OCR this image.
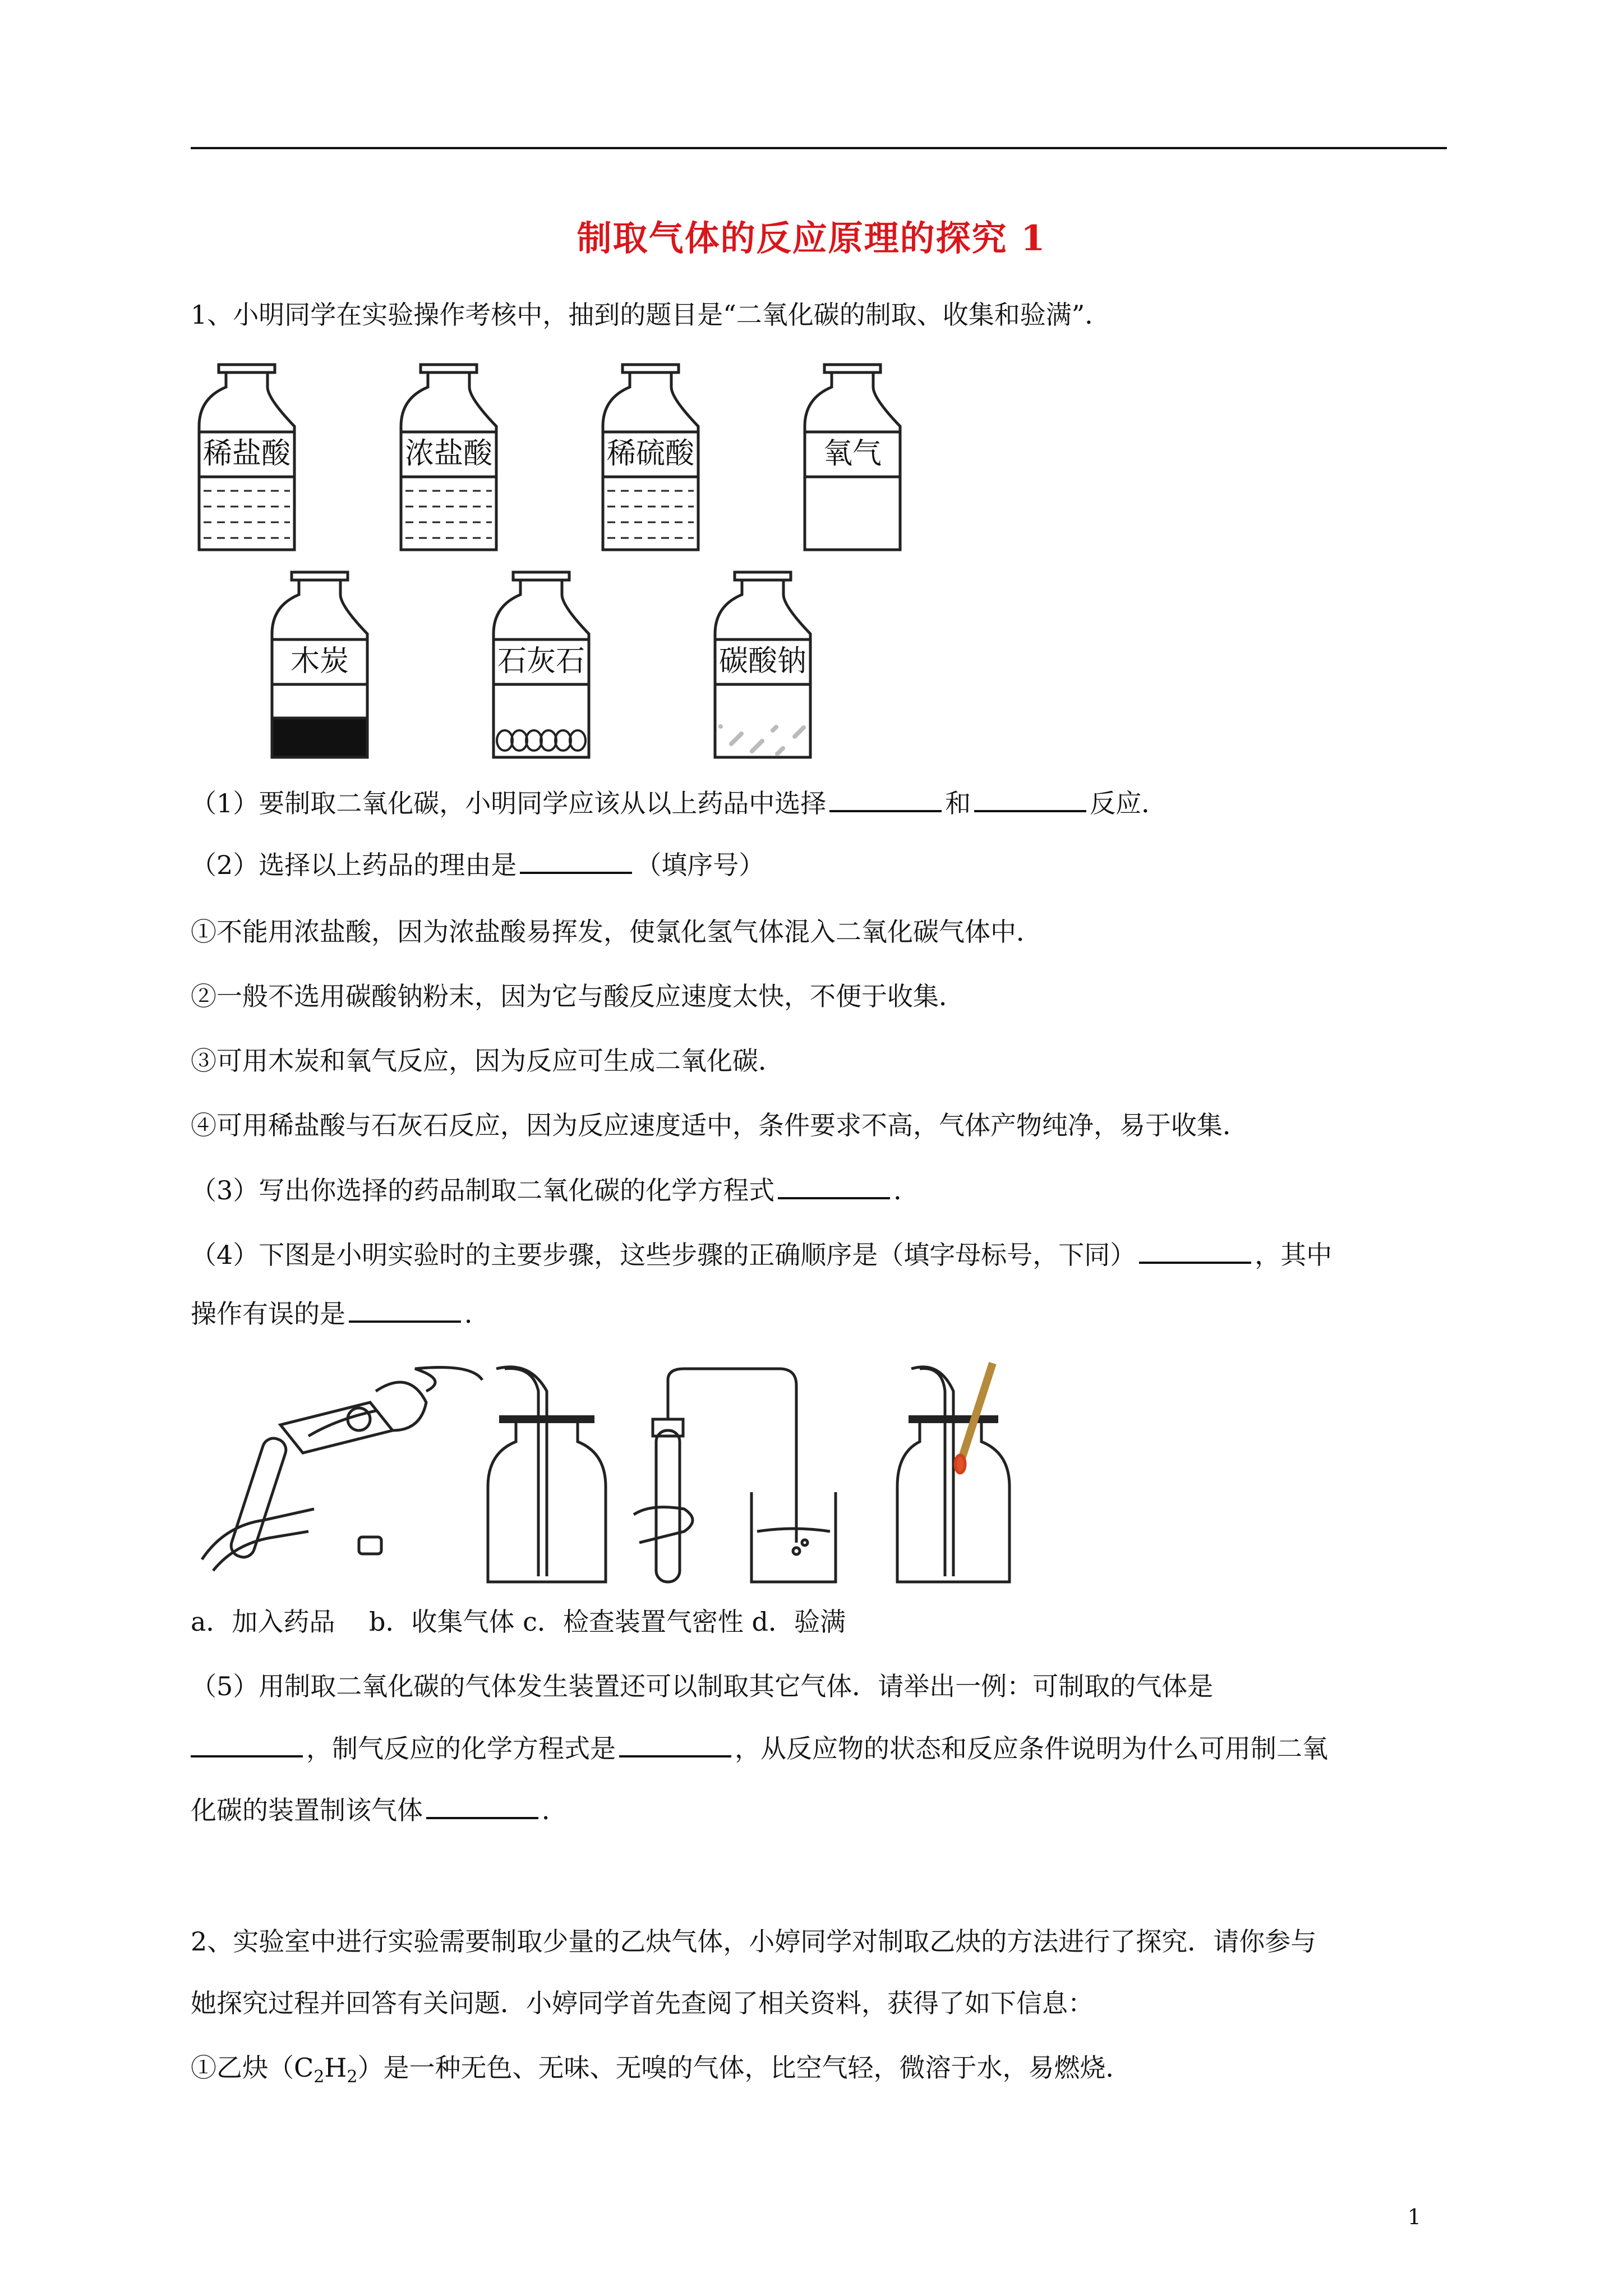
制取气体的反应原理的探究 1
1、小明同学在实验操作考核中，抽到的题目是“二氧化碳的制取、收集和验满”．
稀盐酸	浓盐酸	稀硫酸	氧气
木炭	石灰石	碳酸钠
（1）要制取二氧化碳，小明同学应该从以上药品中选择	和	反应．
（2）选择以上药品的理由是	（填序号）
①不能用浓盐酸，因为浓盐酸易挥发，使氯化氢气体混入二氧化碳气体中．
②一般不选用碳酸钠粉末，因为它与酸反应速度太快，不便于收集．
③可用木炭和氧气反应，因为反应可生成二氧化碳．
④可用稀盐酸与石灰石反应，因为反应速度适中，条件要求不高，气体产物纯净，易于收集．
（3）写出你选择的药品制取二氧化碳的化学方程式	．
（4）下图是小明实验时的主要步骤，这些步骤的正确顺序是（填字母标号，下同）	，其中
操作有误的是	．
a．加入药品　 b．收集气体 c．检查装置气密性 d．验满
（5）用制取二氧化碳的气体发生装置还可以制取其它气体．请举出一例：可制取的气体是
，制气反应的化学方程式是	，从反应物的状态和反应条件说明为什么可用制二氧
化碳的装置制该气体	．
2、实验室中进行实验需要制取少量的乙炔气体，小婷同学对制取乙炔的方法进行了探究．请你参与
她探究过程并回答有关问题．小婷同学首先查阅了相关资料，获得了如下信息：
①乙炔$(C_2H_2)$是一种无色、无味、无嗅的气体，比空气轻，微溶于水，易燃烧．
1
